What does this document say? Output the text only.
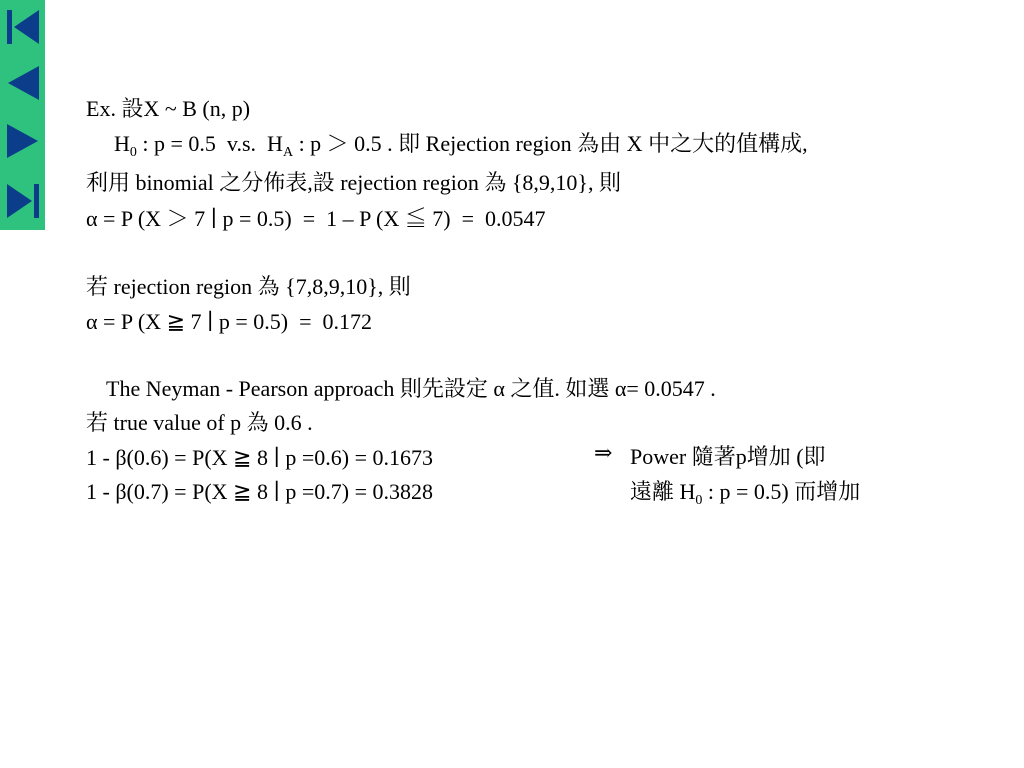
Ex. 設X ~ B (n, p)
$H_0$ : p = 0.5  v.s.  $H_A$ : p ＞ 0.5 . 即 Rejection region 為由 X 中之大的值構成,
利用 binomial 之分佈表,設 rejection region 為 {8,9,10}, 則
α = P (X ＞ 7 ∣ p = 0.5)  =  1 – P (X ≦ 7)  =  0.0547
若 rejection region 為 {7,8,9,10}, 則
α = P (X ≧ 7 ∣ p = 0.5)  =  0.172
The Neyman - Pearson approach 則先設定 α 之值. 如選 α= 0.0547 .
若 true value of p 為 0.6 .
1 - β(0.6) = P(X ≧ 8 ∣ p =0.6) = 0.1673
1 - β(0.7) = P(X ≧ 8 ∣ p =0.7) = 0.3828
⇒ Power 隨著p增加 (即
遠離 $H_0$ : p = 0.5) 而增加
